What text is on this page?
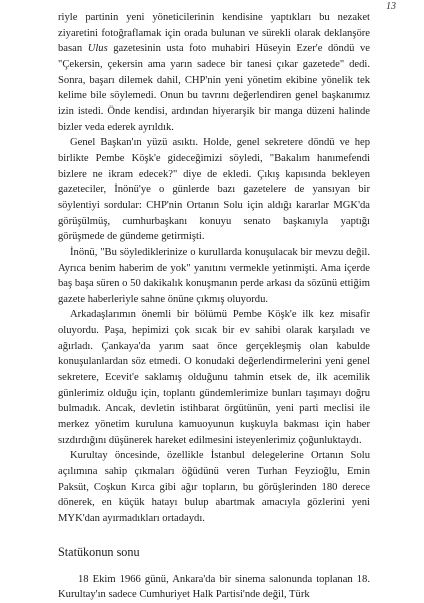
13

riyle partinin yeni yöneticilerinin kendisine yaptıkları bu nezaket ziyaretini fotoğraflamak için orada bulunan ve sürekli olarak deklanşöre basan Ulus gazetesinin usta foto muhabiri Hüseyin Ezer'e döndü ve "Çekersin, çekersin ama yarın sadece bir tanesi çıkar gazetede" dedi. Sonra, başarı dilemek dahil, CHP'nin yeni yönetim ekibine yönelik tek kelime bile söylemedi. Onun bu tavrını değerlendiren genel başkanımız izin istedi. Önde kendisi, ardından hiyerarşik bir manga düzeni halinde bizler veda ederek ayrıldık.

Genel Başkan'ın yüzü asıktı. Holde, genel sekretere döndü ve hep birlikte Pembe Köşk'e gideceğimizi söyledi, "Bakalım hanımefendi bizlere ne ikram edecek?" diye de ekledi. Çıkış kapısında bekleyen gazeteciler, İnönü'ye o günlerde bazı gazetelere de yansıyan bir söylentiyi sordular: CHP'nin Ortanın Solu için aldığı kararlar MGK'da görüşülmüş, cumhurbaşkanı konuyu senato başkanıyla yaptığı görüşmede de gündeme getirmişti.

İnönü, "Bu söylediklerinize o kurullarda konuşulacak bir mevzu değil. Ayrıca benim haberim de yok" yanıtını vermekle yetinmişti. Ama içerde baş başa süren o 50 dakikalık konuşmanın perde arkası da sözünü ettiğim gazete haberleriyle sahne önüne çıkmış oluyordu.

Arkadaşlarımın önemli bir bölümü Pembe Köşk'e ilk kez misafir oluyordu. Paşa, hepimizi çok sıcak bir ev sahibi olarak karşıladı ve ağırladı. Çankaya'da yarım saat önce gerçekleşmiş olan kabulde konuşulanlardan söz etmedi. O konudaki değerlendirmelerini yeni genel sekretere, Ecevit'e saklamış olduğunu tahmin etsek de, ilk acemilik günlerimiz olduğu için, toplantı gündemlerimize bunları taşımayı doğru bulmadık. Ancak, devletin istihbarat örgütünün, yeni parti meclisi ile merkez yönetim kuruluna kamuoyunun kuşkuyla bakması için haber sızdırdığını düşünerek hareket edilmesini isteyenlerimiz çoğunluktaydı.

Kurultay öncesinde, özellikle İstanbul delegelerine Ortanın Solu açılımına sahip çıkmaları öğüdünü veren Turhan Feyzioğlu, Emin Paksüt, Coşkun Kırca gibi ağır topların, bu görüşlerinden 180 derece dönerek, en küçük hatayı bulup abartmak amacıyla gözlerini yeni MYK'dan ayırmadıkları ortadaydı.

Statükonun sonu

18 Ekim 1966 günü, Ankara'da bir sinema salonunda toplanan 18. Kurultay'ın sadece Cumhuriyet Halk Partisi'nde değil, Türk
